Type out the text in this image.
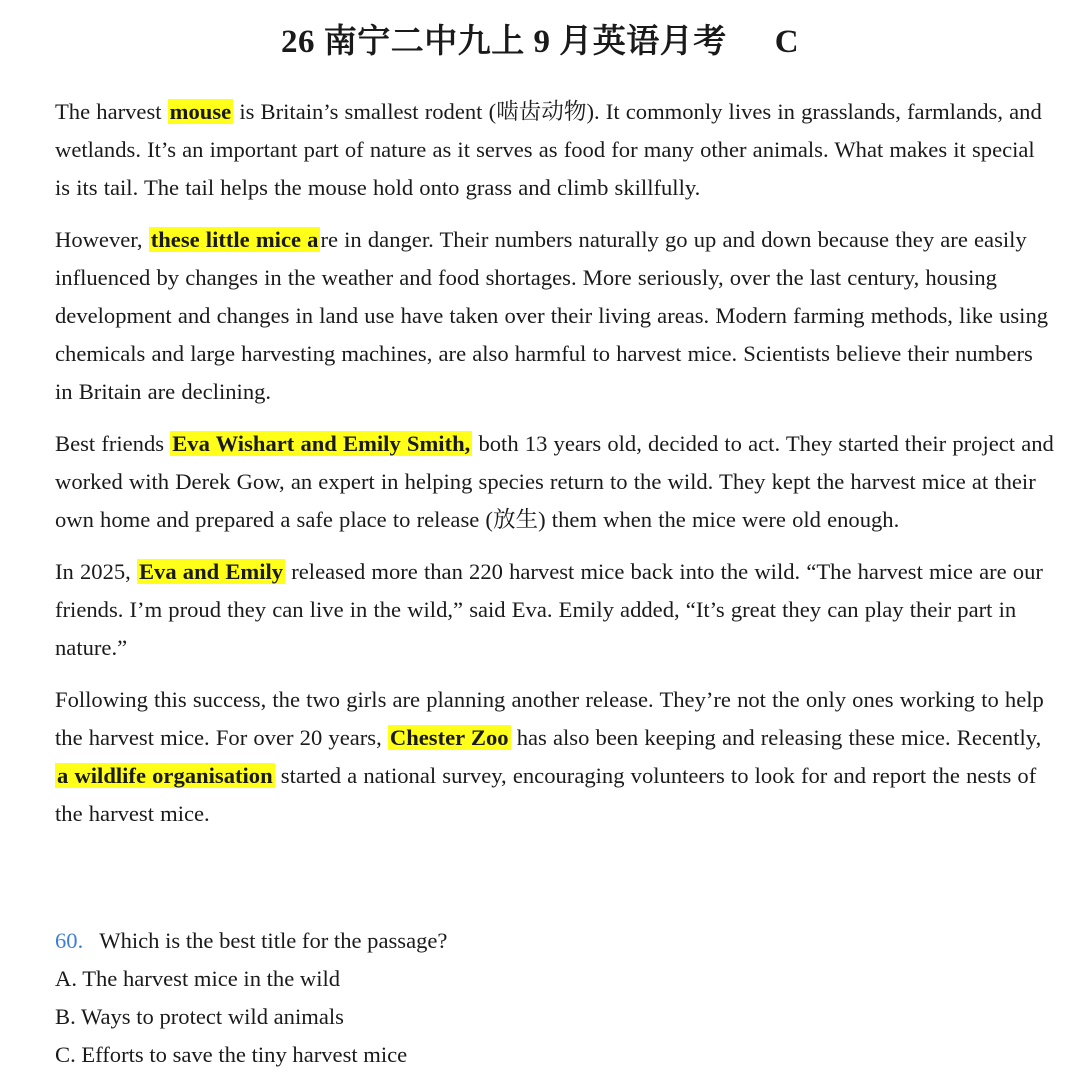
26 南宁二中九上 9 月英语月考 C

The harvest mouse is Britain’s smallest rodent (啮齿动物). It commonly lives in grasslands, farmlands, and wetlands. It’s an important part of nature as it serves as food for many other animals. What makes it special is its tail. The tail helps the mouse hold onto grass and climb skillfully.

However, these little mice are in danger. Their numbers naturally go up and down because they are easily influenced by changes in the weather and food shortages. More seriously, over the last century, housing development and changes in land use have taken over their living areas. Modern farming methods, like using chemicals and large harvesting machines, are also harmful to harvest mice. Scientists believe their numbers in Britain are declining.

Best friends Eva Wishart and Emily Smith, both 13 years old, decided to act. They started their project and worked with Derek Gow, an expert in helping species return to the wild. They kept the harvest mice at their own home and prepared a safe place to release (放生) them when the mice were old enough.

In 2025, Eva and Emily released more than 220 harvest mice back into the wild. “The harvest mice are our friends. I’m proud they can live in the wild,” said Eva. Emily added, “It’s great they can play their part in nature.”

Following this success, the two girls are planning another release. They’re not the only ones working to help the harvest mice. For over 20 years, Chester Zoo has also been keeping and releasing these mice. Recently, a wildlife organisation started a national survey, encouraging volunteers to look for and report the nests of the harvest mice.

60. Which is the best title for the passage?

A. The harvest mice in the wild

B. Ways to protect wild animals

C. Efforts to save the tiny harvest mice
